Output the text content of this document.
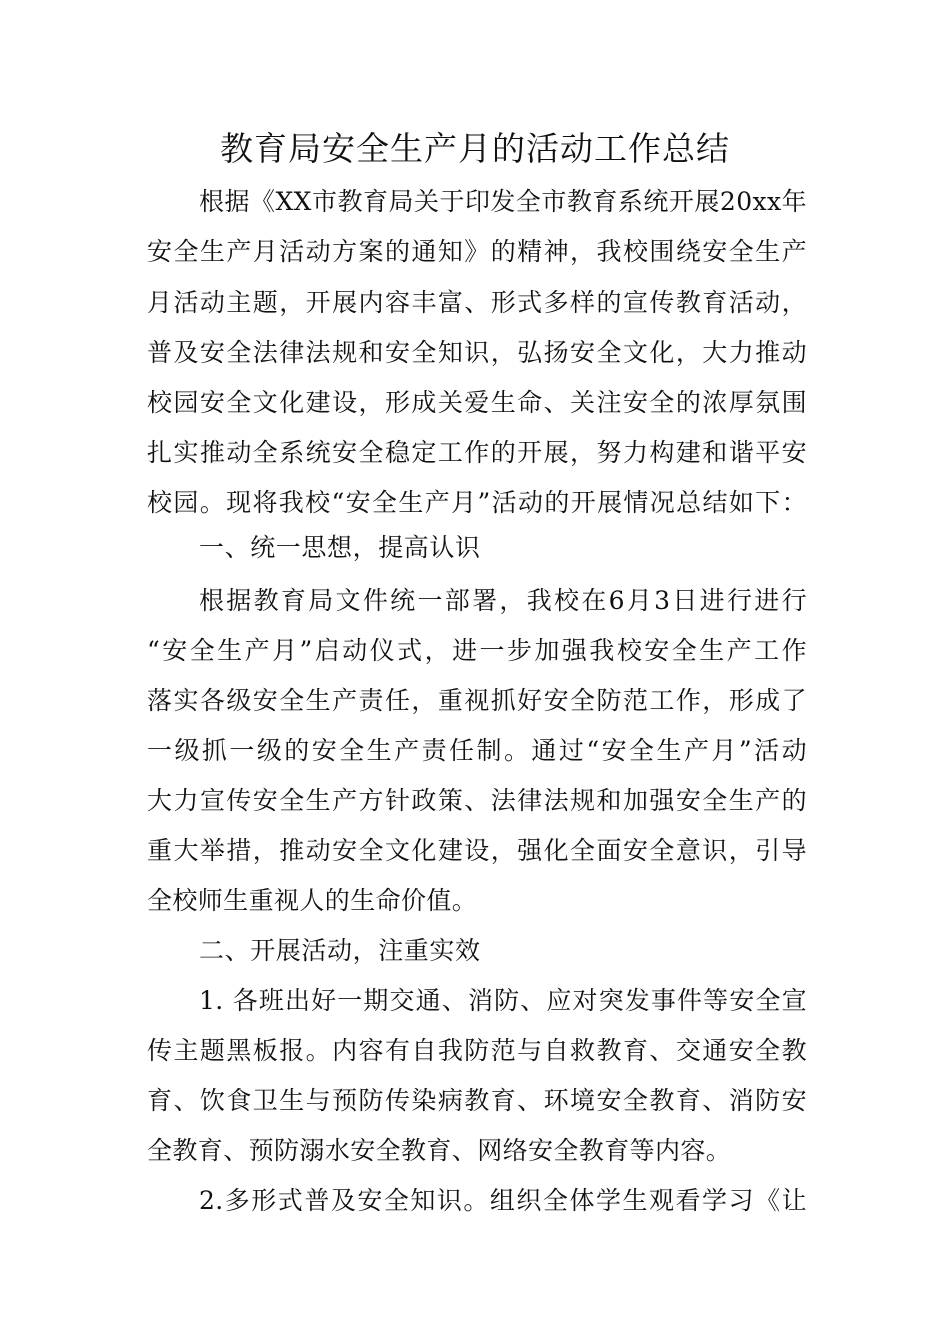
教育局安全生产月的活动工作总结
根据《XX市教育局关于印发全市教育系统开展20xx年
安全生产月活动方案的通知》的精神，我校围绕安全生产
月活动主题，开展内容丰富、形式多样的宣传教育活动，
普及安全法律法规和安全知识，弘扬安全文化，大力推动
校园安全文化建设，形成关爱生命、关注安全的浓厚氛围
扎实推动全系统安全稳定工作的开展，努力构建和谐平安
校园。现将我校“安全生产月”活动的开展情况总结如下：
一、统一思想，提高认识
根据教育局文件统一部署，我校在6月3日进行进行
“安全生产月”启动仪式，进一步加强我校安全生产工作
落实各级安全生产责任，重视抓好安全防范工作，形成了
一级抓一级的安全生产责任制。通过“安全生产月”活动
大力宣传安全生产方针政策、法律法规和加强安全生产的
重大举措，推动安全文化建设，强化全面安全意识，引导
全校师生重视人的生命价值。
二、开展活动，注重实效
1. 各班出好一期交通、消防、应对突发事件等安全宣
传主题黑板报。内容有自我防范与自救教育、交通安全教
育、饮食卫生与预防传染病教育、环境安全教育、消防安
全教育、预防溺水安全教育、网络安全教育等内容。
2.多形式普及安全知识。组织全体学生观看学习《让
